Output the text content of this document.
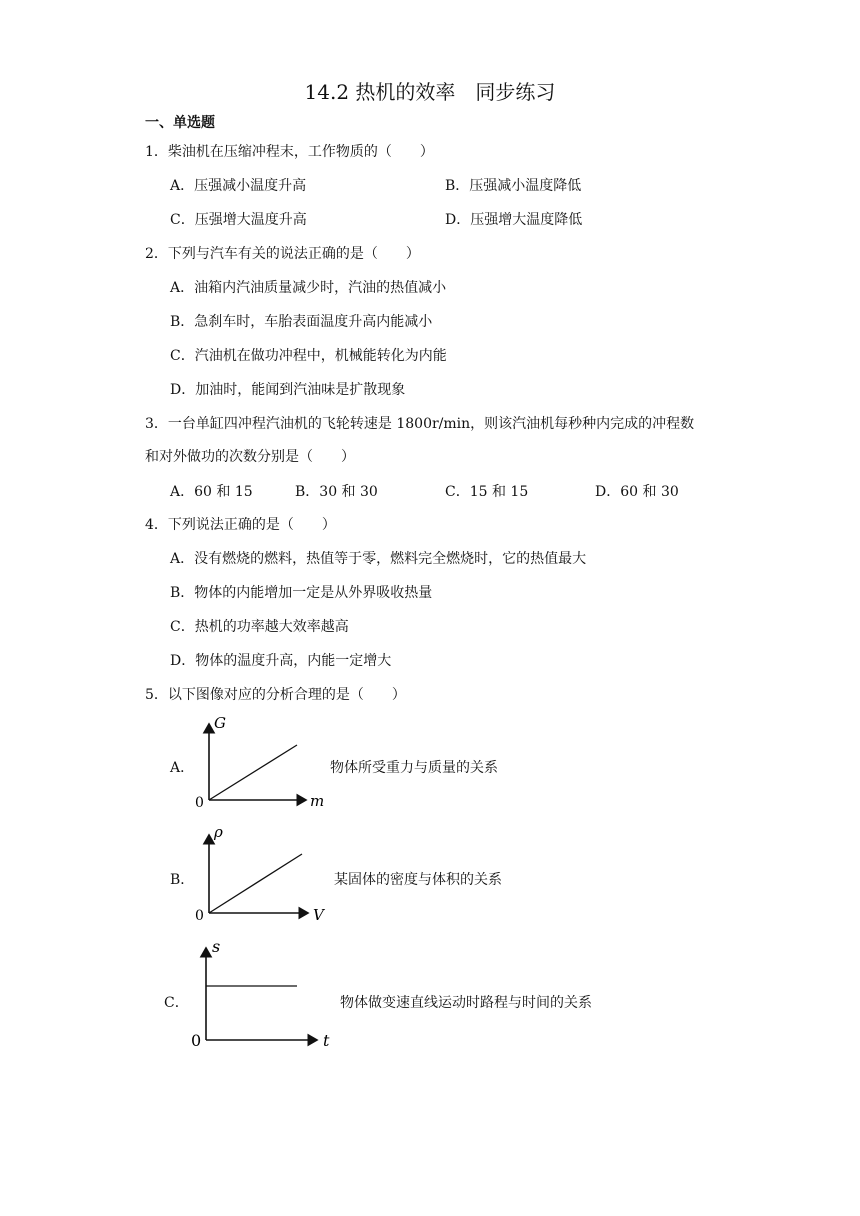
14.2 热机的效率　同步练习
一、单选题
1．柴油机在压缩冲程末，工作物质的（　　）
A．压强减小温度升高	B．压强减小温度降低
C．压强增大温度升高	D．压强增大温度降低
2．下列与汽车有关的说法正确的是（　　）
A．油箱内汽油质量减少时，汽油的热值减小
B．急刹车时，车胎表面温度升高内能减小
C．汽油机在做功冲程中，机械能转化为内能
D．加油时，能闻到汽油味是扩散现象
3．一台单缸四冲程汽油机的飞轮转速是 1800r/min，则该汽油机每秒种内完成的冲程数
和对外做功的次数分别是（　　）
A．60 和 15	B．30 和 30	C．15 和 15	D．60 和 30
4．下列说法正确的是（　　）
A．没有燃烧的燃料，热值等于零，燃料完全燃烧时，它的热值最大
B．物体的内能增加一定是从外界吸收热量
C．热机的功率越大效率越高
D．物体的温度升高，内能一定增大
5．以下图像对应的分析合理的是（　　）
A．
G
m
0
物体所受重力与质量的关系
B．
ρ
V
0
某固体的密度与体积的关系
C．
s
t
0
物体做变速直线运动时路程与时间的关系
